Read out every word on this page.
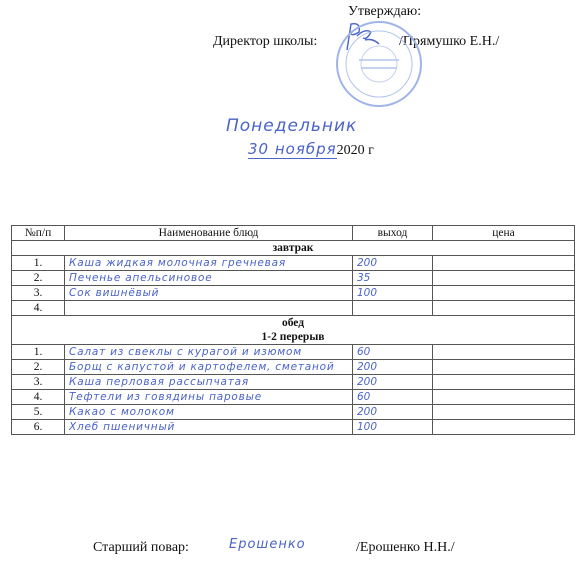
Утверждаю:
Директор школы:	/Прямушко Е.Н./
Понедельник
30 ноября2020 г
№п/п	Наименование блюд	выход	цена
завтрак			
1.	Каша жидкая молочная гречневая	200	
2.	Печенье апельсиновое	35	
3.	Сок вишнёвый	100	
4.			
обед
1-2 перерыв			
1.	Салат из свеклы с курагой и изюмом	60	
2.	Борщ с капустой и картофелем, сметаной	200	
3.	Каша перловая рассыпчатая	200	
4.	Тефтели из говядины паровые	60	
5.	Какао с молоком	200	
6.	Хлеб пшеничный	100	
Старший повар:	Ерошенко	/Ерошенко Н.Н./
